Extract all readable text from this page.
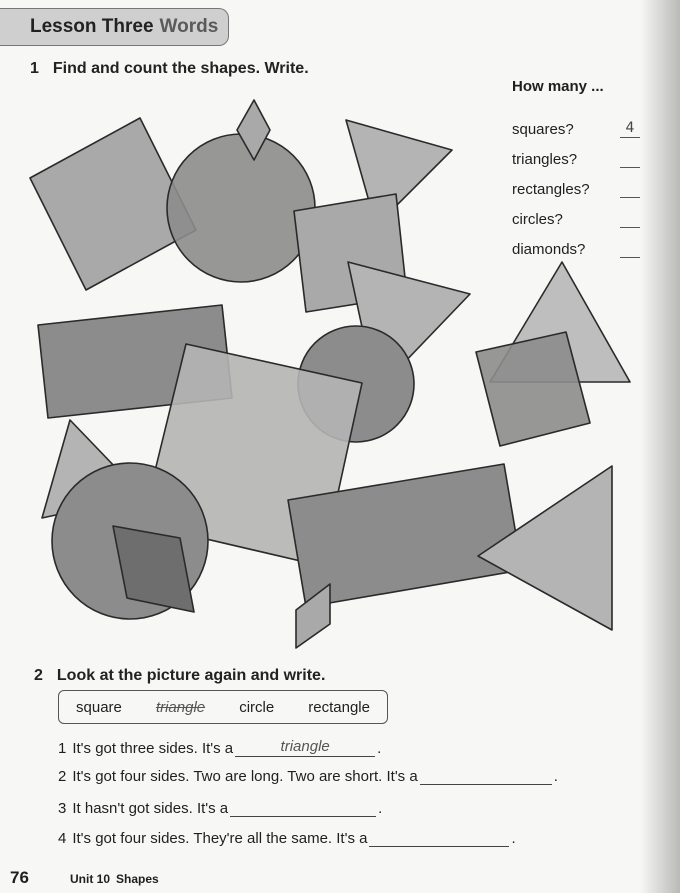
Lesson Three Words
1 Find and count the shapes. Write.
How many ...
squares?	4
triangles?
rectangles?
circles?
diamonds?
2 Look at the picture again and write.
square triangle circle rectangle
1 It's got three sides. It's a	triangle	.
2 It's got four sides. Two are long. Two are short. It's a	.
3 It hasn't got sides. It's a	.
4 It's got four sides. They're all the same. It's a	.
76	Unit 10 Shapes
